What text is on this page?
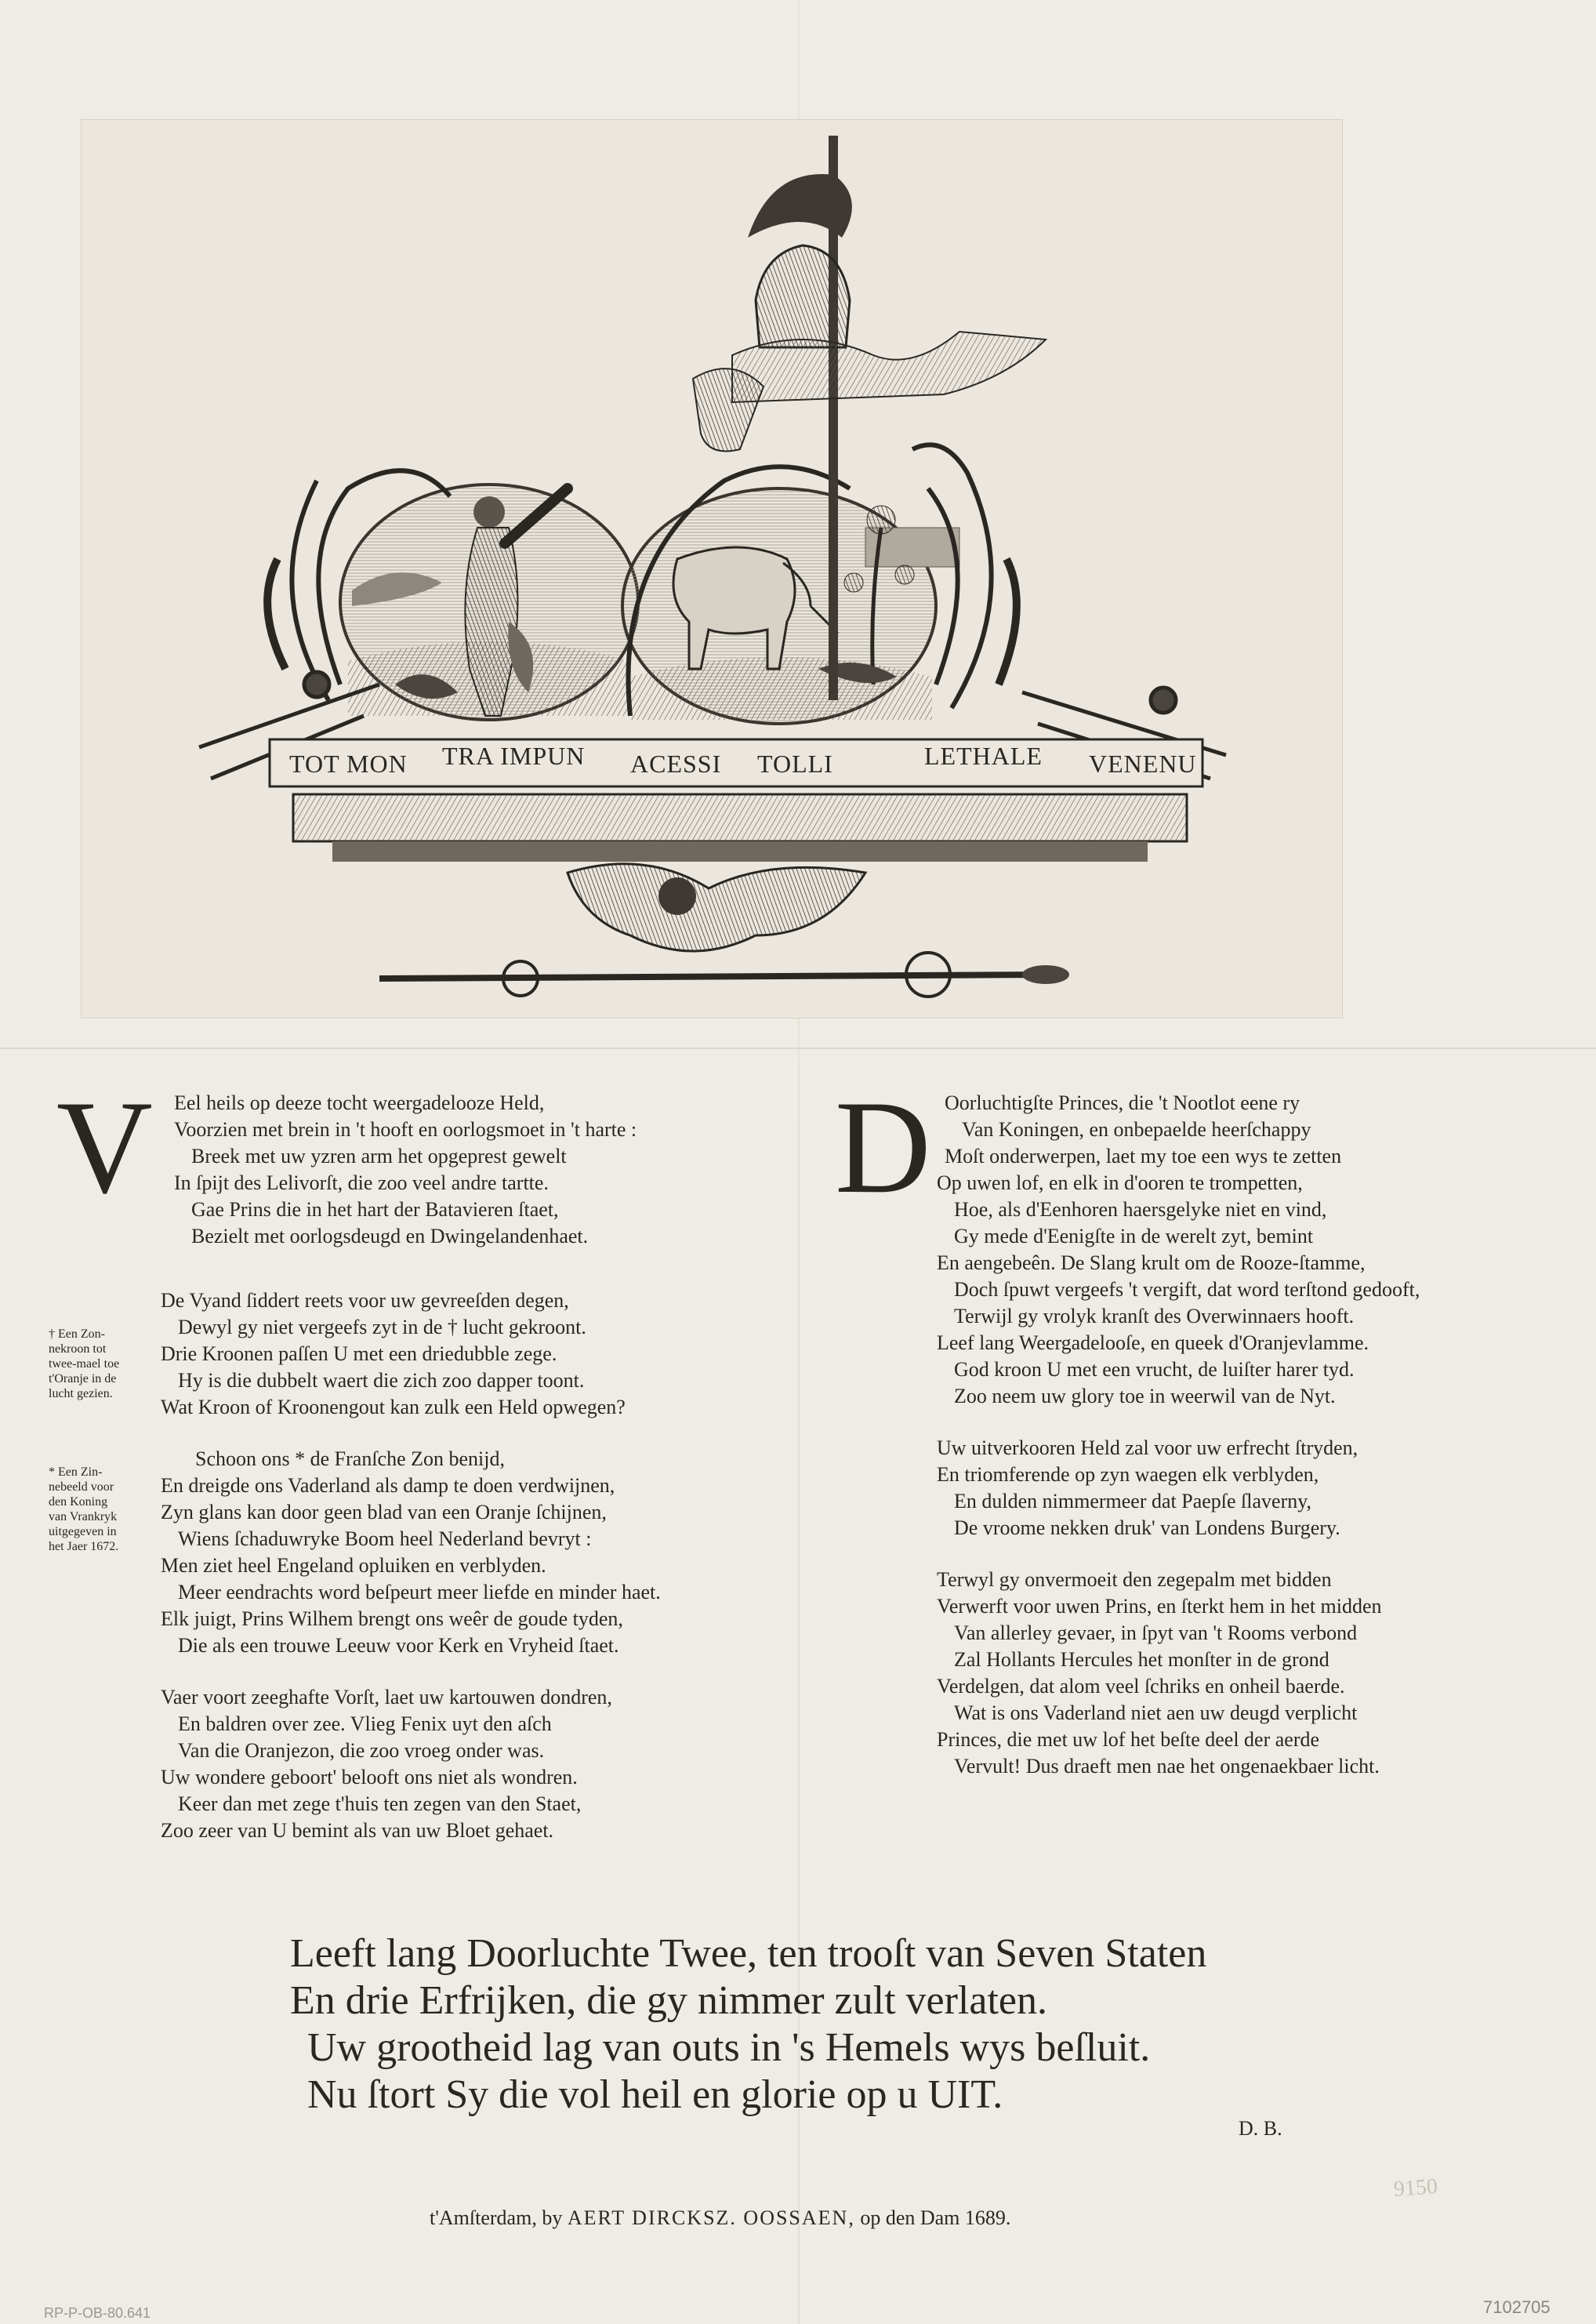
TOT MON TRA IMPUN ACESSI TOLLI	LETHALE VENENU
V Eel heils op deeze tocht weergadelooze Held,
Voorzien met brein in 't hooft en oorlogsmoet in 't harte :
Breek met uw yzren arm het opgeprest gewelt
In ſpijt des Lelivorſt, die zoo veel andre tartte.
Gae Prins die in het hart der Batavieren ſtaet,
Bezielt met oorlogsdeugd en Dwingelandenhaet.
De Vyand ſiddert reets voor uw gevreeſden degen,
Dewyl gy niet vergeefs zyt in de † lucht gekroont.
Drie Kroonen paſſen U met een driedubble zege.
Hy is die dubbelt waert die zich zoo dapper toont.
Wat Kroon of Kroonengout kan zulk een Held opwegen?
Schoon ons * de Franſche Zon benijd,
En dreigde ons Vaderland als damp te doen verdwijnen,
Zyn glans kan door geen blad van een Oranje ſchijnen,
Wiens ſchaduwryke Boom heel Nederland bevryt :
Men ziet heel Engeland opluiken en verblyden.
Meer eendrachts word beſpeurt meer liefde en minder haet.
Elk juigt, Prins Wilhem brengt ons weêr de goude tyden,
Die als een trouwe Leeuw voor Kerk en Vryheid ſtaet.
Vaer voort zeeghafte Vorſt, laet uw kartouwen dondren,
En baldren over zee. Vlieg Fenix uyt den aſch
Van die Oranjezon, die zoo vroeg onder was.
Uw wondere geboort' belooft ons niet als wondren.
Keer dan met zege t'huis ten zegen van den Staet,
Zoo zeer van U bemint als van uw Bloet gehaet.
† Een Zon-nekroon tot twee-mael toe t'Oranje in de lucht gezien.
* Een Zin-nebeeld voor den Koning van Vrankryk uitgegeven in het Jaer 1672.
D Oorluchtigſte Princes, die 't Nootlot eene ry
Van Koningen, en onbepaelde heerſchappy
Moſt onderwerpen, laet my toe een wys te zetten
Op uwen lof, en elk in d'ooren te trompetten,
Hoe, als d'Eenhoren haersgelyke niet en vind,
Gy mede d'Eenigſte in de werelt zyt, bemint
En aengebeên. De Slang krult om de Rooze-ſtamme,
Doch ſpuwt vergeefs 't vergift, dat word terſtond gedooft,
Terwijl gy vrolyk kranſt des Overwinnaers hooft.
Leef lang Weergadelooſe, en queek d'Oranjevlamme.
God kroon U met een vrucht, de luiſter harer tyd.
Zoo neem uw glory toe in weerwil van de Nyt.
Uw uitverkooren Held zal voor uw erfrecht ſtryden,
En triomferende op zyn waegen elk verblyden,
En dulden nimmermeer dat Paepſe ſlaverny,
De vroome nekken druk' van Londens Burgery.
Terwyl gy onvermoeit den zegepalm met bidden
Verwerft voor uwen Prins, en ſterkt hem in het midden
Van allerley gevaer, in ſpyt van 't Rooms verbond
Zal Hollants Hercules het monſter in de grond
Verdelgen, dat alom veel ſchriks en onheil baerde.
Wat is ons Vaderland niet aen uw deugd verplicht
Princes, die met uw lof het beſte deel der aerde
Vervult! Dus draeft men nae het ongenaekbaer licht.
Leeft lang Doorluchte Twee, ten trooſt van Seven Staten
En drie Erfrijken, die gy nimmer zult verlaten.
Uw grootheid lag van outs in 's Hemels wys beſluit.
Nu ſtort Sy die vol heil en glorie op u UIT.
D. B.
t'Amſterdam, by AERT DIRCKSZ. OOSSAEN, op den Dam 1689.
9150
7102705
RP-P-OB-80.641
